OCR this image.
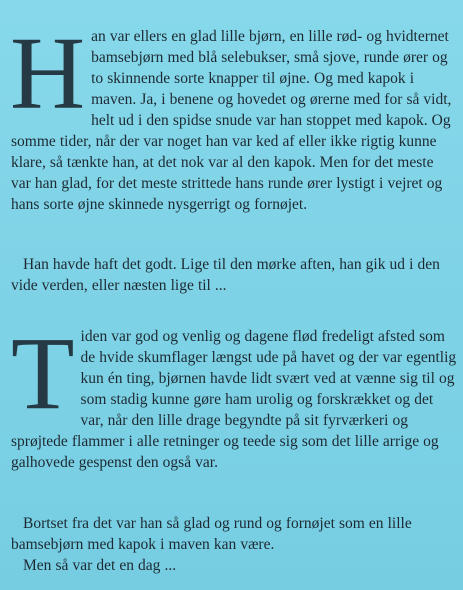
Han var ellers en glad lille bjørn, en lille rød- og hvidternet bamsebjørn med blå selebukser, små sjove, runde ører og to skinnende sorte knapper til øjne. Og med kapok i maven. Ja, i benene og hovedet og ørerne med for så vidt, helt ud i den spidse snude var han stoppet med kapok. Og somme tider, når der var noget han var ked af eller ikke rigtig kunne klare, så tænkte han, at det nok var al den kapok. Men for det meste var han glad, for det meste strittede hans runde ører lystigt i vejret og hans sorte øjne skinnede nysgerrigt og fornøjet.

Han havde haft det godt. Lige til den mørke aften, han gik ud i den vide verden, eller næsten lige til ...

Tiden var god og venlig og dagene flød fredeligt afsted som de hvide skumflager længst ude på havet og der var egentlig kun én ting, bjørnen havde lidt svært ved at vænne sig til og som stadig kunne gøre ham urolig og forskrækket og det var, når den lille drage begyndte på sit fyrværkeri og sprøjtede flammer i alle retninger og teede sig som det lille arrige og galhovede gespenst den også var.

Bortset fra det var han så glad og rund og fornøjet som en lille bamsebjørn med kapok i maven kan være.

Men så var det en dag ...
